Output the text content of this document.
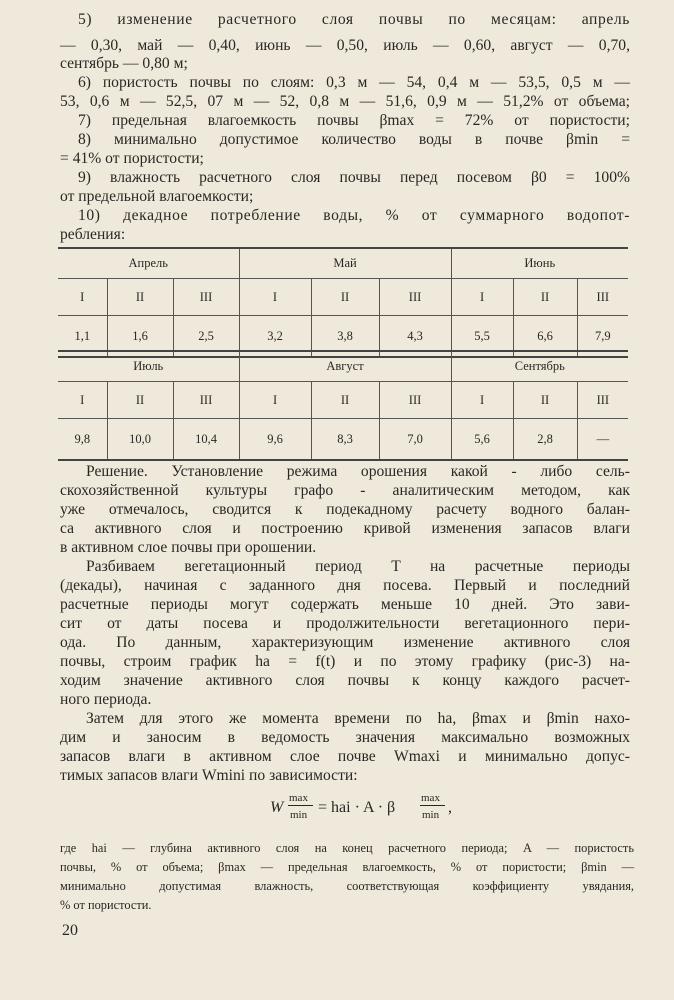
5) изменение расчетного слоя почвы по месяцам: апрель
— 0,30, май — 0,40, июнь — 0,50, июль — 0,60, август — 0,70,
сентябрь — 0,80 м;
6) пористость почвы по слоям: 0,3 м — 54, 0,4 м — 53,5, 0,5 м —
53, 0,6 м — 52,5, 07 м — 52, 0,8 м — 51,6, 0,9 м — 51,2% от объема;
7) предельная влагоемкость почвы βmax = 72% от пористости;
8) минимально допустимое количество воды в почве βmin =
= 41% от пористости;
9) влажность расчетного слоя почвы перед посевом β0 = 100%
от предельной влагоемкости;
10) декадное потребление воды, % от суммарного водопот-
ребления:
Апрель			Май			Июнь		
I	II	III	I	II	III	I	II	III
1,1	1,6	2,5	3,2	3,8	4,3	5,5	6,6	7,9
Июль			Август			Сентябрь		
I	II	III	I	II	III	I	II	III
9,8	10,0	10,4	9,6	8,3	7,0	5,6	2,8	—
Решение. Установление режима орошения какой - либо сель-
скохозяйственной культуры графо - аналитическим методом, как
уже отмечалось, сводится к подекадному расчету водного балан-
са активного слоя и построению кривой изменения запасов влаги
в активном слое почвы при орошении.
Разбиваем вегетационный период T на расчетные периоды
(декады), начиная с заданного дня посева. Первый и последний
расчетные периоды могут содержать меньше 10 дней. Это зави-
сит от даты посева и продолжительности вегетационного пери-
ода. По данным, характеризующим изменение активного слоя
почвы, строим график hа = f(t) и по этому графику (рис-3) на-
ходим значение активного слоя почвы к концу каждого расчет-
ного периода.
Затем для этого же момента времени по hа, βmax и βmin нахо-
дим и заносим в ведомость значения максимально возможных
запасов влаги в активном слое почве Wmaxi и минимально допус-
тимых запасов влаги Wmini по зависимости:
W
max
min = hаi · A · β
max
min ,
где hаi — глубина активного слоя на конец расчетного периода; A — пористость
почвы, % от объема; βmax — предельная влагоемкость, % от пористости; βmin —
минимально допустимая влажность, соответствующая коэффициенту увядания,
% от пористости.
20
